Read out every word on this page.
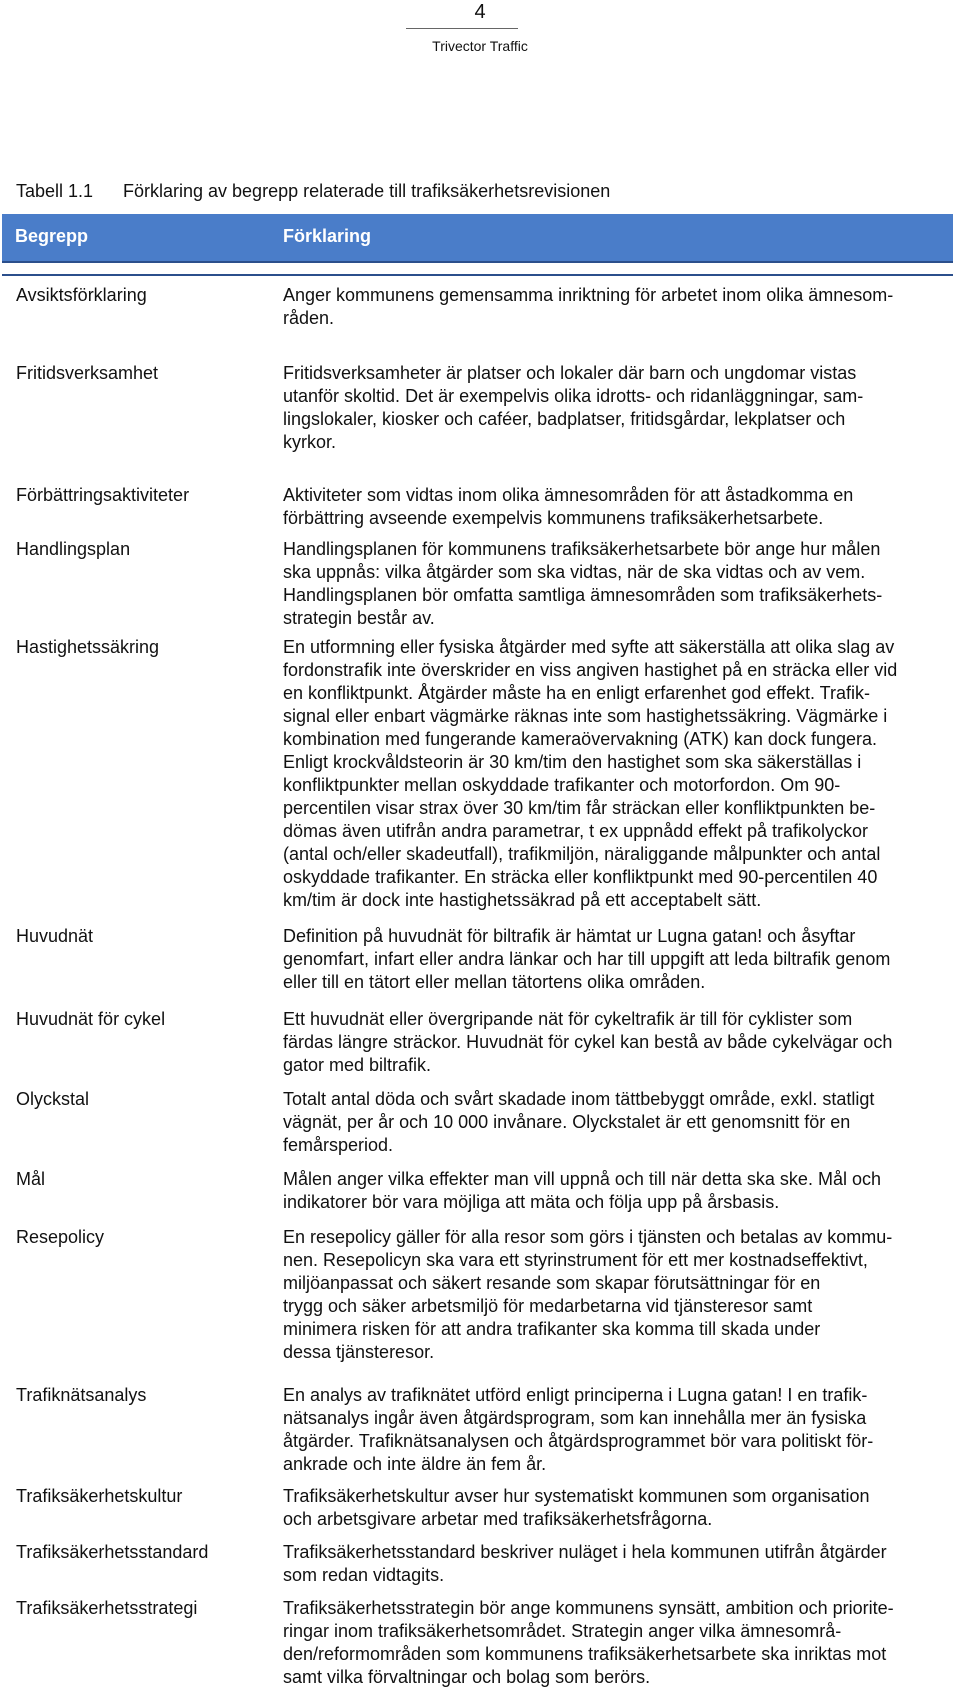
4
Trivector Traffic
Tabell 1.1 Förklaring av begrepp relaterade till trafiksäkerhetsrevisionen
Begrepp	Förklaring
Avsiktsförklaring	Anger kommunens gemensamma inriktning för arbetet inom olika ämnesom-
råden.
Fritidsverksamhet	Fritidsverksamheter är platser och lokaler där barn och ungdomar vistas
utanför skoltid. Det är exempelvis olika idrotts- och ridanläggningar, sam-
lingslokaler, kiosker och caféer, badplatser, fritidsgårdar, lekplatser och
kyrkor.
Förbättringsaktiviteter	Aktiviteter som vidtas inom olika ämnesområden för att åstadkomma en
förbättring avseende exempelvis kommunens trafiksäkerhetsarbete.
Handlingsplan	Handlingsplanen för kommunens trafiksäkerhetsarbete bör ange hur målen
ska uppnås: vilka åtgärder som ska vidtas, när de ska vidtas och av vem.
Handlingsplanen bör omfatta samtliga ämnesområden som trafiksäkerhets-
strategin består av.
Hastighetssäkring	En utformning eller fysiska åtgärder med syfte att säkerställa att olika slag av
fordonstrafik inte överskrider en viss angiven hastighet på en sträcka eller vid
en konfliktpunkt. Åtgärder måste ha en enligt erfarenhet god effekt. Trafik-
signal eller enbart vägmärke räknas inte som hastighetssäkring. Vägmärke i
kombination med fungerande kameraövervakning (ATK) kan dock fungera.
Enligt krockvåldsteorin är 30 km/tim den hastighet som ska säkerställas i
konfliktpunkter mellan oskyddade trafikanter och motorfordon. Om 90-
percentilen visar strax över 30 km/tim får sträckan eller konfliktpunkten be-
dömas även utifrån andra parametrar, t ex uppnådd effekt på trafikolyckor
(antal och/eller skadeutfall), trafikmiljön, näraliggande målpunkter och antal
oskyddade trafikanter. En sträcka eller konfliktpunkt med 90-percentilen 40
km/tim är dock inte hastighetssäkrad på ett acceptabelt sätt.
Huvudnät	Definition på huvudnät för biltrafik är hämtat ur Lugna gatan! och åsyftar
genomfart, infart eller andra länkar och har till uppgift att leda biltrafik genom
eller till en tätort eller mellan tätortens olika områden.
Huvudnät för cykel	Ett huvudnät eller övergripande nät för cykeltrafik är till för cyklister som
färdas längre sträckor. Huvudnät för cykel kan bestå av både cykelvägar och
gator med biltrafik.
Olyckstal	Totalt antal döda och svårt skadade inom tättbebyggt område, exkl. statligt
vägnät, per år och 10 000 invånare. Olyckstalet är ett genomsnitt för en
femårsperiod.
Mål	Målen anger vilka effekter man vill uppnå och till när detta ska ske. Mål och
indikatorer bör vara möjliga att mäta och följa upp på årsbasis.
Resepolicy	En resepolicy gäller för alla resor som görs i tjänsten och betalas av kommu-
nen. Resepolicyn ska vara ett styrinstrument för ett mer kostnadseffektivt,
miljöanpassat och säkert resande som skapar förutsättningar för en
trygg och säker arbetsmiljö för medarbetarna vid tjänsteresor samt
minimera risken för att andra trafikanter ska komma till skada under
dessa tjänsteresor.
Trafiknätsanalys	En analys av trafiknätet utförd enligt principerna i Lugna gatan! I en trafik-
nätsanalys ingår även åtgärdsprogram, som kan innehålla mer än fysiska
åtgärder. Trafiknätsanalysen och åtgärdsprogrammet bör vara politiskt för-
ankrade och inte äldre än fem år.
Trafiksäkerhetskultur	Trafiksäkerhetskultur avser hur systematiskt kommunen som organisation
och arbetsgivare arbetar med trafiksäkerhetsfrågorna.
Trafiksäkerhetsstandard	Trafiksäkerhetsstandard beskriver nuläget i hela kommunen utifrån åtgärder
som redan vidtagits.
Trafiksäkerhetsstrategi	Trafiksäkerhetsstrategin bör ange kommunens synsätt, ambition och priorite-
ringar inom trafiksäkerhetsområdet. Strategin anger vilka ämnesområ-
den/reformområden som kommunens trafiksäkerhetsarbete ska inriktas mot
samt vilka förvaltningar och bolag som berörs.
